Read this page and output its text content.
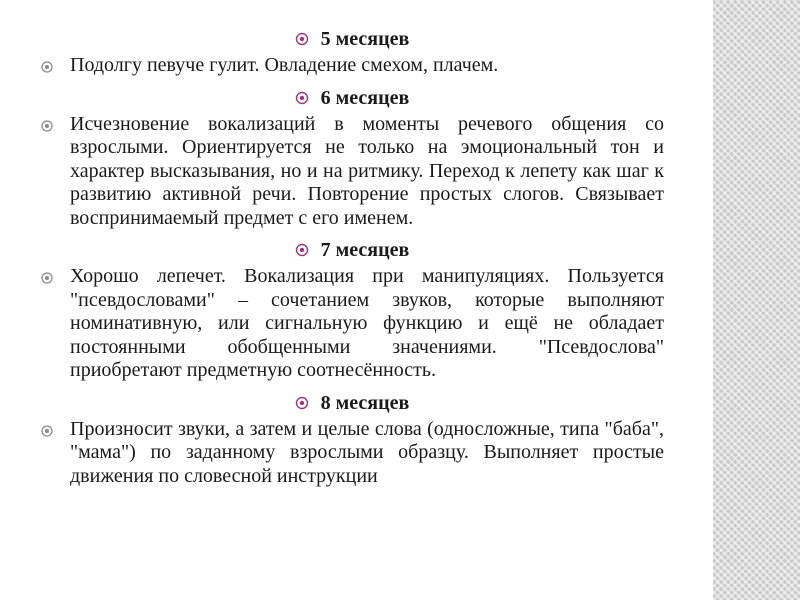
5 месяцев
Подолгу певуче гулит. Овладение смехом, плачем.
6 месяцев
Исчезновение вокализаций в моменты речевого общения со взрослыми. Ориентируется не только на эмоциональный тон и характер высказывания, но и на ритмику. Переход к лепету как шаг к развитию активной речи. Повторение простых слогов. Связывает воспринимаемый предмет с его именем.
7 месяцев
Хорошо лепечет. Вокализация при манипуляциях. Пользуется "псевдословами" – сочетанием звуков, которые выполняют номинативную, или сигнальную функцию и ещё не обладает постоянными обобщенными значениями. "Псевдослова" приобретают предметную соотнесённость.
8 месяцев
Произносит звуки, а затем и целые слова (односложные, типа "баба", "мама") по заданному взрослыми образцу. Выполняет простые движения по словесной инструкции
